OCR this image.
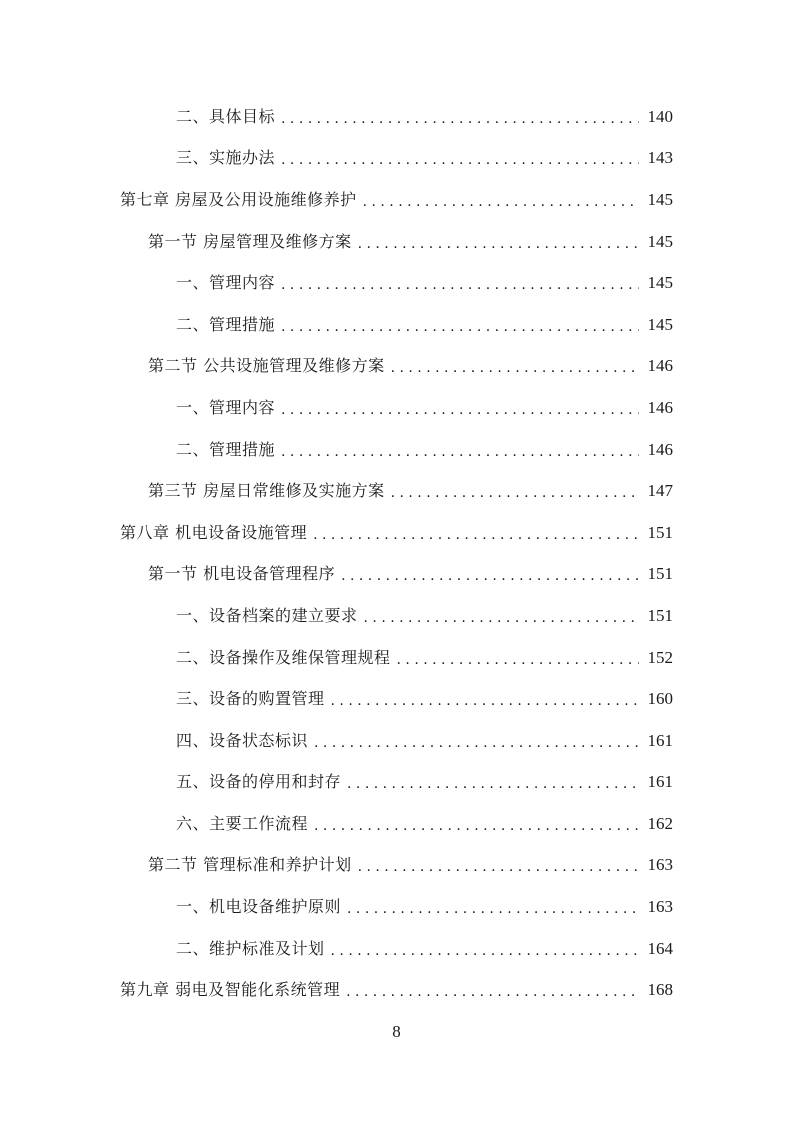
二、具体目标 . . .	140
三、实施办法 . . .	143
第七章 房屋及公用设施维修养护 . . .	145
第一节 房屋管理及维修方案 . . .	145
一、管理内容 . . .	145
二、管理措施 . . .	145
第二节 公共设施管理及维修方案 . . .	146
一、管理内容 . . .	146
二、管理措施 . . .	146
第三节 房屋日常维修及实施方案 . . .	147
第八章 机电设备设施管理 . . .	151
第一节 机电设备管理程序 . . .	151
一、设备档案的建立要求 . . .	151
二、设备操作及维保管理规程 . . .	152
三、设备的购置管理 . . .	160
四、设备状态标识 . . .	161
五、设备的停用和封存 . . .	161
六、主要工作流程 . . .	162
第二节 管理标准和养护计划 . . .	163
一、机电设备维护原则 . . .	163
二、维护标准及计划 . . .	164
第九章 弱电及智能化系统管理 . . .	168
8
